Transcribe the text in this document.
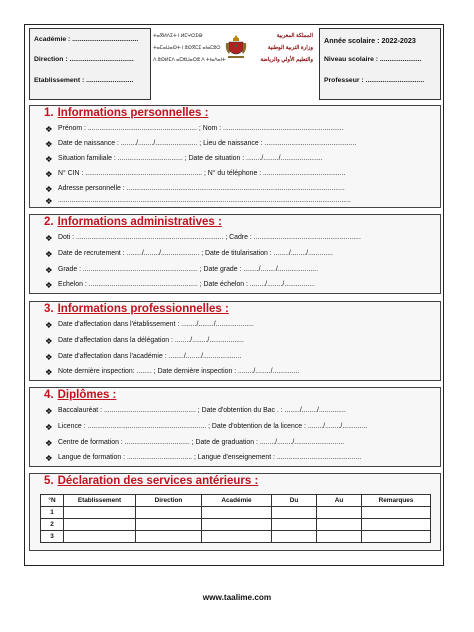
Académie : ...................................
Direction : ..................................
Etablissement : .........................
ⵜⴰⴳⵍⴷⵉⵜ ⵏ ⵍⵎⵖⵔⵉⴱ
ⵜⴰⵎⴰⵡⴰⵙⵜ ⵏ ⵓⵙⴳⵎⵉ ⴰⵏⴰⵎⵓⵔ
ⴷ ⵓⵙⵍⵎⴷ ⴰⵎⵣⵡⴰⵔⵓ ⴷ ⵜⵏⴰⴷⴰⵏⵜ
المملكة المغربية
وزارة التربية الوطنية
والتعليم الأولي والرياضة
Année scolaire : 2022-2023
Niveau scolaire : ......................
Professeur : ...............................
1. Informations personnelles :
❖ Prénom : ......................................................... ; Nom : ...............................................................
❖ Date de naissance : ......../......../...................... ; Lieu de naissance : ................................................
❖ Situation familiale : .................................. ; Date de situation : ......../......../......................
❖ N° CIN : ............................................................. ; N° du téléphone : ...........................................
❖ Adresse personnelle : ..................................................................................................................
❖ .........................................................................................................................................................
2. Informations administratives :
❖ Doti : ............................................................................. ; Cadre : ........................................................
❖ Date de recrutement : ......../......../.................... ; Date de titularisation : ......../......../.............
❖ Grade : ............................................................ ; Date grade : ......../......../.....................
❖ Echelon : ......................................................... ; Date échelon : ......../......../................
3. Informations professionnelles :
❖ Date d'affectation dans l'établissement : ......../......../....................
❖ Date d'affectation dans la délégation : ......../......../..................
❖ Date d'affectation dans l'académie : ......../......../....................
❖ Note dernière inspection: ........ ; Date dernière inspection : ......../......../..............
4. Diplômes :
❖ Baccalauréat : ................................................ ; Date d'obtention du Bac . : ......../......../..............
❖ Licence : .............................................................. ; Date d'obtention de la licence : ......../......../.............
❖ Centre de formation : .................................. ; Date de graduation : ......../......../..........................
❖ Langue de formation : .................................. ; Langue d'enseignement : ............................................
5. Déclaration des services antérieurs :
°N	Etablissement	Direction	Académie	Du	Au	Remarques
1						
2						
3						
www.taalime.com
